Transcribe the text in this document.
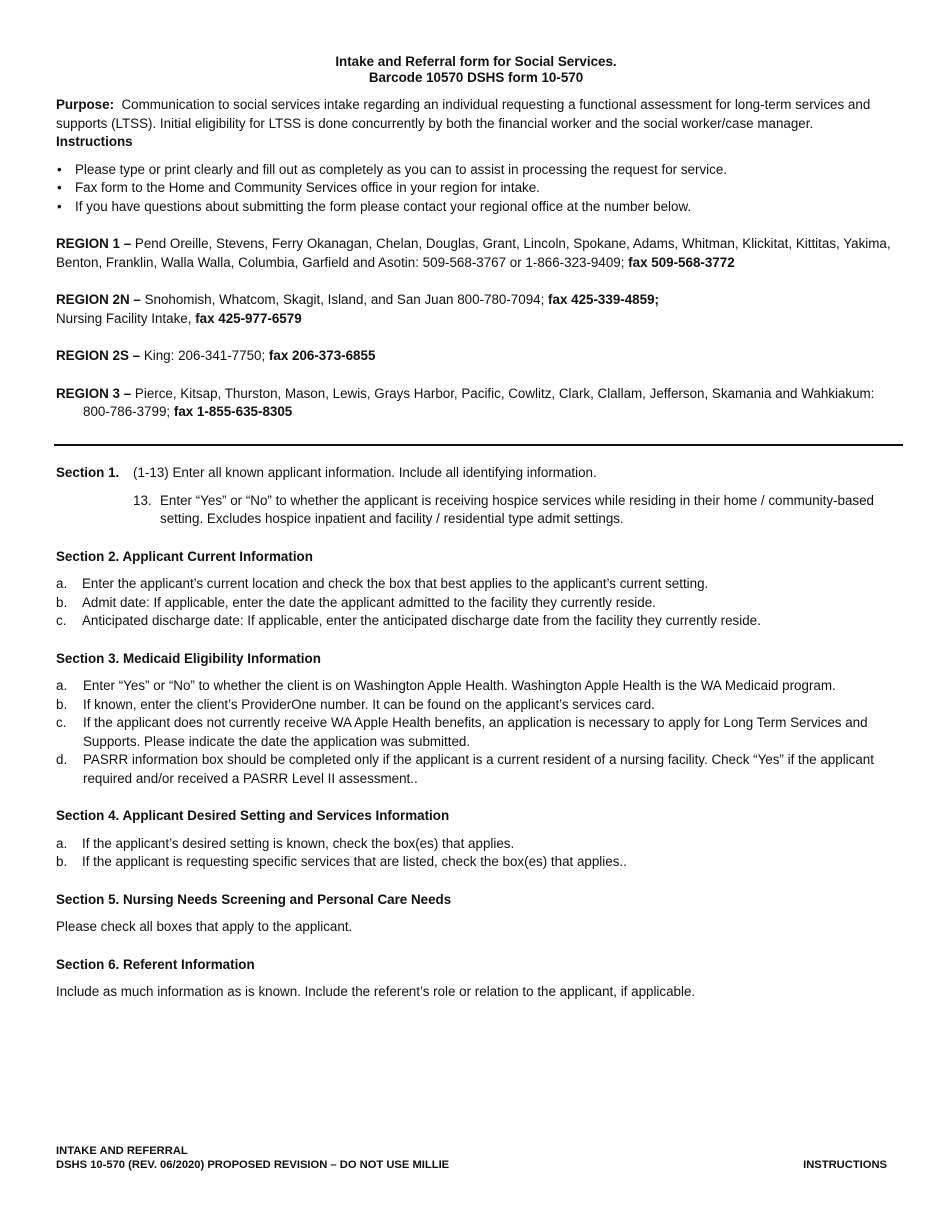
Intake and Referral form for Social Services.
Barcode 10570 DSHS form 10-570

Purpose: Communication to social services intake regarding an individual requesting a functional assessment for long-term services and supports (LTSS). Initial eligibility for LTSS is done concurrently by both the financial worker and the social worker/case manager.

Instructions

• Please type or print clearly and fill out as completely as you can to assist in processing the request for service.
• Fax form to the Home and Community Services office in your region for intake.
• If you have questions about submitting the form please contact your regional office at the number below.

REGION 1 – Pend Oreille, Stevens, Ferry Okanagan, Chelan, Douglas, Grant, Lincoln, Spokane, Adams, Whitman, Klickitat, Kittitas, Yakima, Benton, Franklin, Walla Walla, Columbia, Garfield and Asotin: 509-568-3767 or 1-866-323-9409; fax 509-568-3772

REGION 2N – Snohomish, Whatcom, Skagit, Island, and San Juan 800-780-7094; fax 425-339-4859;
Nursing Facility Intake, fax 425-977-6579

REGION 2S – King: 206-341-7750; fax 206-373-6855

REGION 3 – Pierce, Kitsap, Thurston, Mason, Lewis, Grays Harbor, Pacific, Cowlitz, Clark, Clallam, Jefferson, Skamania and Wahkiakum: 800-786-3799; fax 1-855-635-8305

Section 1.	(1-13) Enter all known applicant information. Include all identifying information.
13. Enter “Yes” or “No” to whether the applicant is receiving hospice services while residing in their home / community-based setting. Excludes hospice inpatient and facility / residential type admit settings.

Section 2. Applicant Current Information

a.	Enter the applicant’s current location and check the box that best applies to the applicant’s current setting.
b.	Admit date: If applicable, enter the date the applicant admitted to the facility they currently reside.
c.	Anticipated discharge date: If applicable, enter the anticipated discharge date from the facility they currently reside.

Section 3. Medicaid Eligibility Information

a.	Enter “Yes” or “No” to whether the client is on Washington Apple Health. Washington Apple Health is the WA Medicaid program.
b.	If known, enter the client’s ProviderOne number. It can be found on the applicant’s services card.
c.	If the applicant does not currently receive WA Apple Health benefits, an application is necessary to apply for Long Term Services and Supports. Please indicate the date the application was submitted.
d.	PASRR information box should be completed only if the applicant is a current resident of a nursing facility. Check “Yes” if the applicant required and/or received a PASRR Level II assessment..

Section 4. Applicant Desired Setting and Services Information

a.	If the applicant’s desired setting is known, check the box(es) that applies.
b.	If the applicant is requesting specific services that are listed, check the box(es) that applies..

Section 5. Nursing Needs Screening and Personal Care Needs

Please check all boxes that apply to the applicant.

Section 6. Referent Information

Include as much information as is known. Include the referent’s role or relation to the applicant, if applicable.

INTAKE AND REFERRAL
DSHS 10-570 (REV. 06/2020) PROPOSED REVISION – DO NOT USE MILLIE	INSTRUCTIONS
